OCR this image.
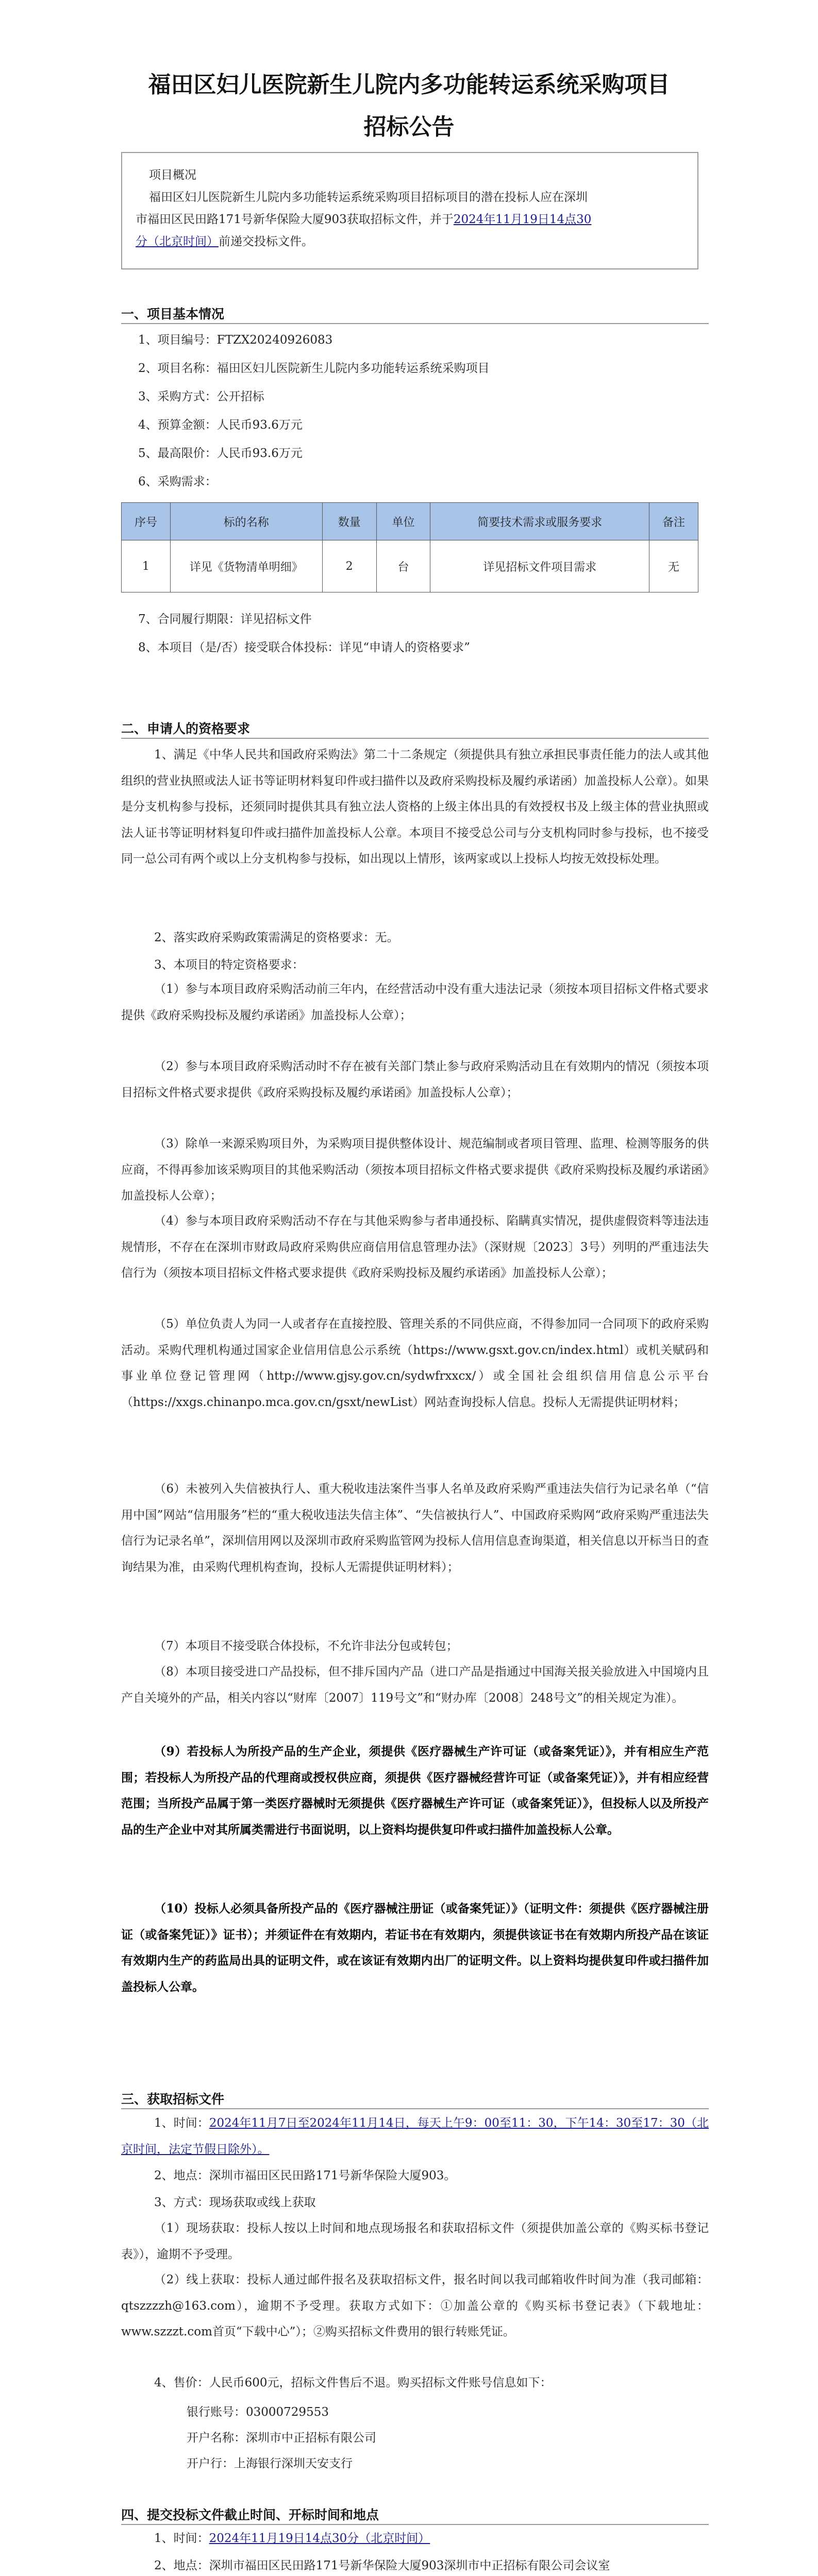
福田区妇儿医院新生儿院内多功能转运系统采购项目
招标公告
项目概况
福田区妇儿医院新生儿院内多功能转运系统采购项目招标项目的潜在投标人应在深圳
市福田区民田路171号新华保险大厦903获取招标文件，并于2024年11月19日14点30
分（北京时间）前递交投标文件。
一、项目基本情况
1、项目编号：FTZX20240926083
2、项目名称：福田区妇儿医院新生儿院内多功能转运系统采购项目
3、采购方式：公开招标
4、预算金额：人民币93.6万元
5、最高限价：人民币93.6万元
6、采购需求：
序号	标的名称	数量	单位	简要技术需求或服务要求	备注
1	详见《货物清单明细》	2	台	详见招标文件项目需求	无
7、合同履行期限：详见招标文件
8、本项目（是/否）接受联合体投标：详见“申请人的资格要求”
二、申请人的资格要求
1、满足《中华人民共和国政府采购法》第二十二条规定（须提供具有独立承担民事责任能力的法人或其他组织的营业执照或法人证书等证明材料复印件或扫描件以及政府采购投标及履约承诺函）加盖投标人公章）。如果是分支机构参与投标，还须同时提供其具有独立法人资格的上级主体出具的有效授权书及上级主体的营业执照或法人证书等证明材料复印件或扫描件加盖投标人公章。本项目不接受总公司与分支机构同时参与投标，也不接受同一总公司有两个或以上分支机构参与投标，如出现以上情形，该两家或以上投标人均按无效投标处理。
2、落实政府采购政策需满足的资格要求：无。
3、本项目的特定资格要求：
（1）参与本项目政府采购活动前三年内，在经营活动中没有重大违法记录（须按本项目招标文件格式要求提供《政府采购投标及履约承诺函》加盖投标人公章）；
（2）参与本项目政府采购活动时不存在被有关部门禁止参与政府采购活动且在有效期内的情况（须按本项目招标文件格式要求提供《政府采购投标及履约承诺函》加盖投标人公章）；
（3）除单一来源采购项目外，为采购项目提供整体设计、规范编制或者项目管理、监理、检测等服务的供应商，不得再参加该采购项目的其他采购活动（须按本项目招标文件格式要求提供《政府采购投标及履约承诺函》加盖投标人公章）；
（4）参与本项目政府采购活动不存在与其他采购参与者串通投标、陷瞒真实情况，提供虚假资料等违法违规情形，不存在在深圳市财政局政府采购供应商信用信息管理办法》（深财规〔2023〕3号）列明的严重违法失信行为（须按本项目招标文件格式要求提供《政府采购投标及履约承诺函》加盖投标人公章）；
（5）单位负责人为同一人或者存在直接控股、管理关系的不同供应商，不得参加同一合同项下的政府采购活动。采购代理机构通过国家企业信用信息公示系统（https://www.gsxt.gov.cn/index.html）或机关赋码和事业单位登记管理网（http://www.gjsy.gov.cn/sydwfrxxcx/）或全国社会组织信用信息公示平台（https://xxgs.chinanpo.mca.gov.cn/gsxt/newList）网站查询投标人信息。投标人无需提供证明材料；
（6）未被列入失信被执行人、重大税收违法案件当事人名单及政府采购严重违法失信行为记录名单（“信用中国”网站“信用服务”栏的“重大税收违法失信主体”、“失信被执行人”、中国政府采购网“政府采购严重违法失信行为记录名单”，深圳信用网以及深圳市政府采购监管网为投标人信用信息查询渠道，相关信息以开标当日的查询结果为准，由采购代理机构查询，投标人无需提供证明材料）；
（7）本项目不接受联合体投标，不允许非法分包或转包；
（8）本项目接受进口产品投标，但不排斥国内产品（进口产品是指通过中国海关报关验放进入中国境内且产自关境外的产品，相关内容以“财库〔2007〕119号文”和“财办库〔2008〕248号文”的相关规定为准）。
（9）若投标人为所投产品的生产企业，须提供《医疗器械生产许可证（或备案凭证）》，并有相应生产范围；若投标人为所投产品的代理商或授权供应商，须提供《医疗器械经营许可证（或备案凭证）》，并有相应经营范围；当所投产品属于第一类医疗器械时无须提供《医疗器械生产许可证（或备案凭证）》，但投标人以及所投产品的生产企业中对其所属类需进行书面说明，以上资料均提供复印件或扫描件加盖投标人公章。
（10）投标人必须具备所投产品的《医疗器械注册证（或备案凭证）》（证明文件：须提供《医疗器械注册证（或备案凭证）》证书）；并须证件在有效期内，若证书在有效期内，须提供该证书在有效期内所投产品在该证有效期内生产的药监局出具的证明文件，或在该证有效期内出厂的证明文件。以上资料均提供复印件或扫描件加盖投标人公章。
三、获取招标文件
1、时间：2024年11月7日至2024年11月14日，每天上午9：00至11：30，下午14：30至17：30（北京时间，法定节假日除外）。
2、地点：深圳市福田区民田路171号新华保险大厦903。
3、方式：现场获取或线上获取
（1）现场获取：投标人按以上时间和地点现场报名和获取招标文件（须提供加盖公章的《购买标书登记表》），逾期不予受理。
（2）线上获取：投标人通过邮件报名及获取招标文件，报名时间以我司邮箱收件时间为准（我司邮箱：qtszzzzh@163.com），逾期不予受理。获取方式如下：①加盖公章的《购买标书登记表》（下载地址：www.szzzt.com首页“下载中心”）；②购买招标文件费用的银行转账凭证。
4、售价：人民币600元，招标文件售后不退。购买招标文件账号信息如下：
银行账号：03000729553
开户名称：深圳市中正招标有限公司
开户行：上海银行深圳天安支行
四、提交投标文件截止时间、开标时间和地点
1、时间：2024年11月19日14点30分（北京时间）
2、地点：深圳市福田区民田路171号新华保险大厦903深圳市中正招标有限公司会议室
